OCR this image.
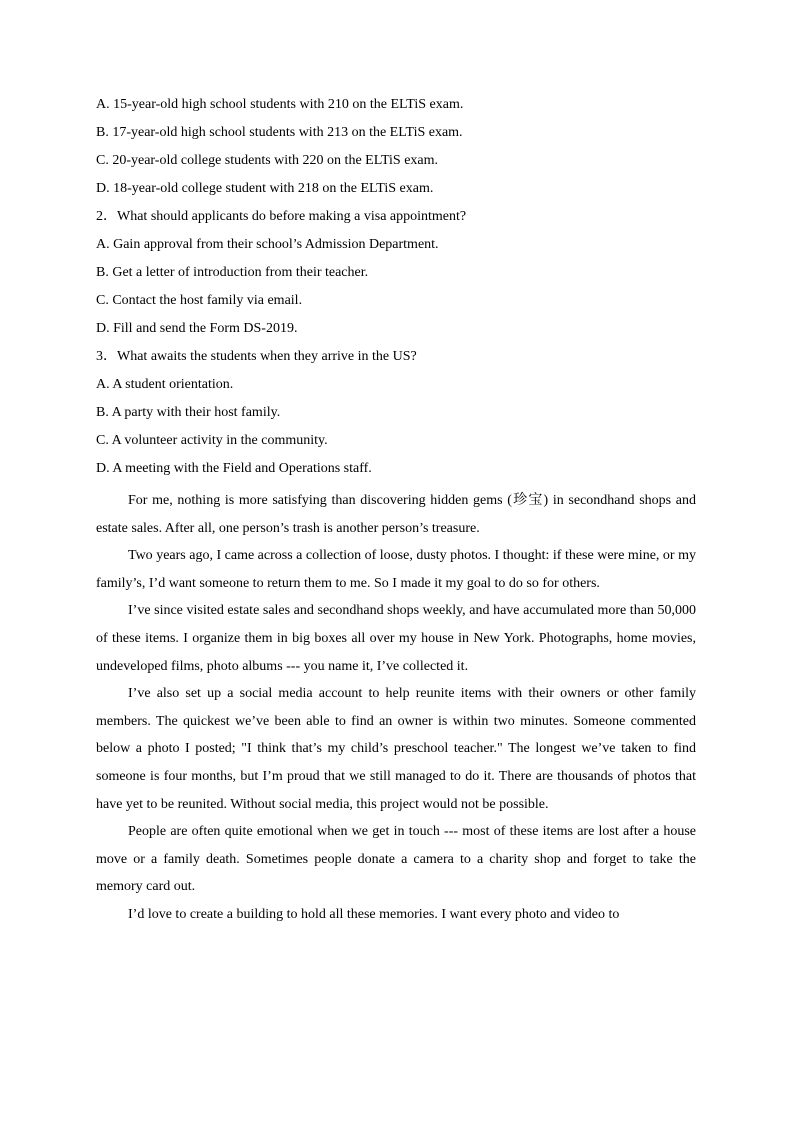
A. 15-year-old high school students with 210 on the ELTiS exam.
B. 17-year-old high school students with 213 on the ELTiS exam.
C. 20-year-old college students with 220 on the ELTiS exam.
D. 18-year-old college student with 218 on the ELTiS exam.
2．What should applicants do before making a visa appointment?
A. Gain approval from their school’s Admission Department.
B. Get a letter of introduction from their teacher.
C. Contact the host family via email.
D. Fill and send the Form DS-2019.
3．What awaits the students when they arrive in the US?
A. A student orientation.
B. A party with their host family.
C. A volunteer activity in the community.
D. A meeting with the Field and Operations staff.

For me, nothing is more satisfying than discovering hidden gems (珍宝) in secondhand shops and estate sales. After all, one person’s trash is another person’s treasure.

Two years ago, I came across a collection of loose, dusty photos. I thought: if these were mine, or my family’s, I’d want someone to return them to me. So I made it my goal to do so for others.

I’ve since visited estate sales and secondhand shops weekly, and have accumulated more than 50,000 of these items. I organize them in big boxes all over my house in New York. Photographs, home movies, undeveloped films, photo albums --- you name it, I’ve collected it.

I’ve also set up a social media account to help reunite items with their owners or other family members. The quickest we’ve been able to find an owner is within two minutes. Someone commented below a photo I posted; "I think that’s my child’s preschool teacher." The longest we’ve taken to find someone is four months, but I’m proud that we still managed to do it. There are thousands of photos that have yet to be reunited. Without social media, this project would not be possible.

People are often quite emotional when we get in touch --- most of these items are lost after a house move or a family death. Sometimes people donate a camera to a charity shop and forget to take the memory card out.

I’d love to create a building to hold all these memories. I want every photo and video to
